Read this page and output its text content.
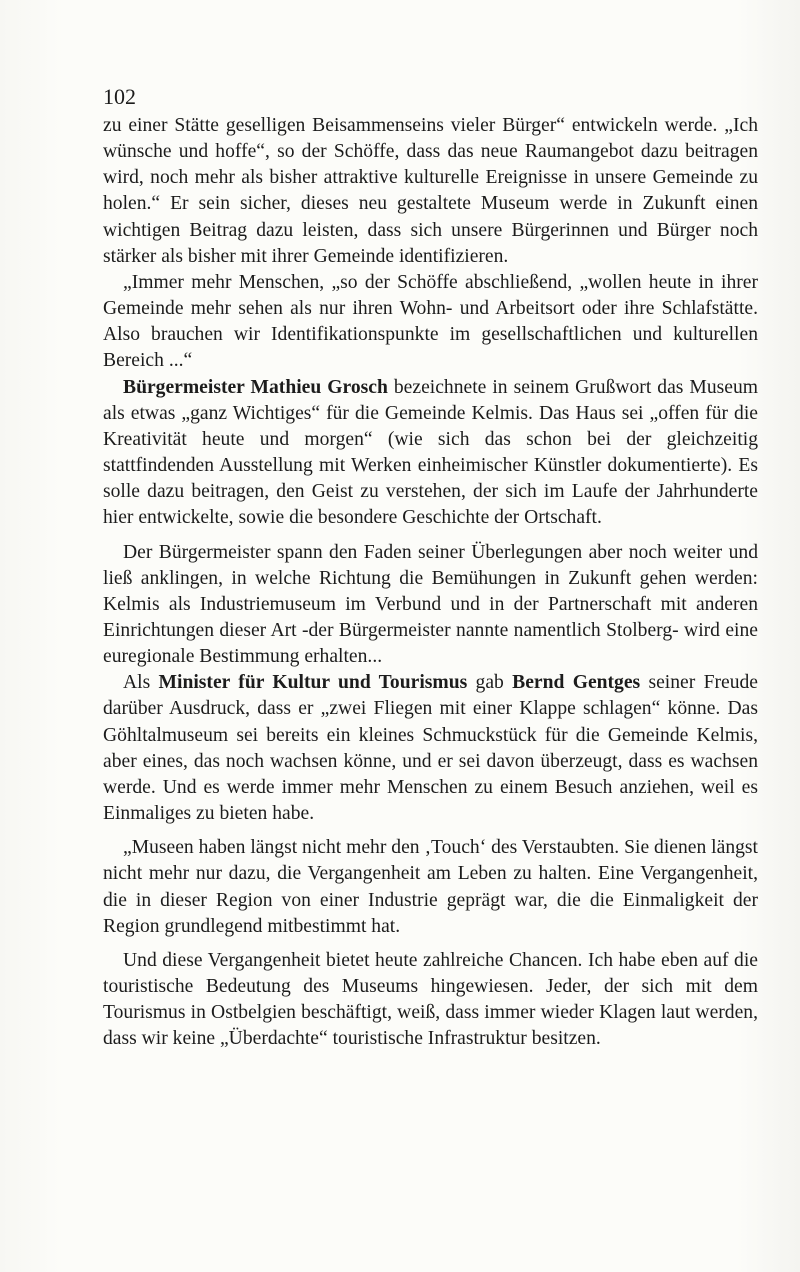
102

zu einer Stätte geselligen Beisammenseins vieler Bürger“ entwickeln werde. „Ich wünsche und hoffe“, so der Schöffe, dass das neue Raumangebot dazu beitragen wird, noch mehr als bisher attraktive kulturelle Ereignisse in unsere Gemeinde zu holen.“ Er sein sicher, dieses neu gestaltete Museum werde in Zukunft einen wichtigen Beitrag dazu leisten, dass sich unsere Bürgerinnen und Bürger noch stärker als bisher mit ihrer Gemeinde identifizieren.

„Immer mehr Menschen, „so der Schöffe abschließend, „wollen heute in ihrer Gemeinde mehr sehen als nur ihren Wohn- und Arbeitsort oder ihre Schlafstätte. Also brauchen wir Identifikationspunkte im gesellschaftlichen und kulturellen Bereich ...“

Bürgermeister Mathieu Grosch bezeichnete in seinem Grußwort das Museum als etwas „ganz Wichtiges“ für die Gemeinde Kelmis. Das Haus sei „offen für die Kreativität heute und morgen“ (wie sich das schon bei der gleichzeitig stattfindenden Ausstellung mit Werken einheimischer Künstler dokumentierte). Es solle dazu beitragen, den Geist zu verstehen, der sich im Laufe der Jahrhunderte hier entwickelte, sowie die besondere Geschichte der Ortschaft.

Der Bürgermeister spann den Faden seiner Überlegungen aber noch weiter und ließ anklingen, in welche Richtung die Bemühungen in Zukunft gehen werden: Kelmis als Industriemuseum im Verbund und in der Partnerschaft mit anderen Einrichtungen dieser Art -der Bürgermeister nannte namentlich Stolberg- wird eine euregionale Bestimmung erhalten...

Als Minister für Kultur und Tourismus gab Bernd Gentges seiner Freude darüber Ausdruck, dass er „zwei Fliegen mit einer Klappe schlagen“ könne. Das Göhltalmuseum sei bereits ein kleines Schmuckstück für die Gemeinde Kelmis, aber eines, das noch wachsen könne, und er sei davon überzeugt, dass es wachsen werde. Und es werde immer mehr Menschen zu einem Besuch anziehen, weil es Einmaliges zu bieten habe.

„Museen haben längst nicht mehr den ‚Touch‘ des Verstaubten. Sie dienen längst nicht mehr nur dazu, die Vergangenheit am Leben zu halten. Eine Vergangenheit, die in dieser Region von einer Industrie geprägt war, die die Einmaligkeit der Region grundlegend mitbestimmt hat.

Und diese Vergangenheit bietet heute zahlreiche Chancen. Ich habe eben auf die touristische Bedeutung des Museums hingewiesen. Jeder, der sich mit dem Tourismus in Ostbelgien beschäftigt, weiß, dass immer wieder Klagen laut werden, dass wir keine „Überdachte“ touristische Infrastruktur besitzen.
